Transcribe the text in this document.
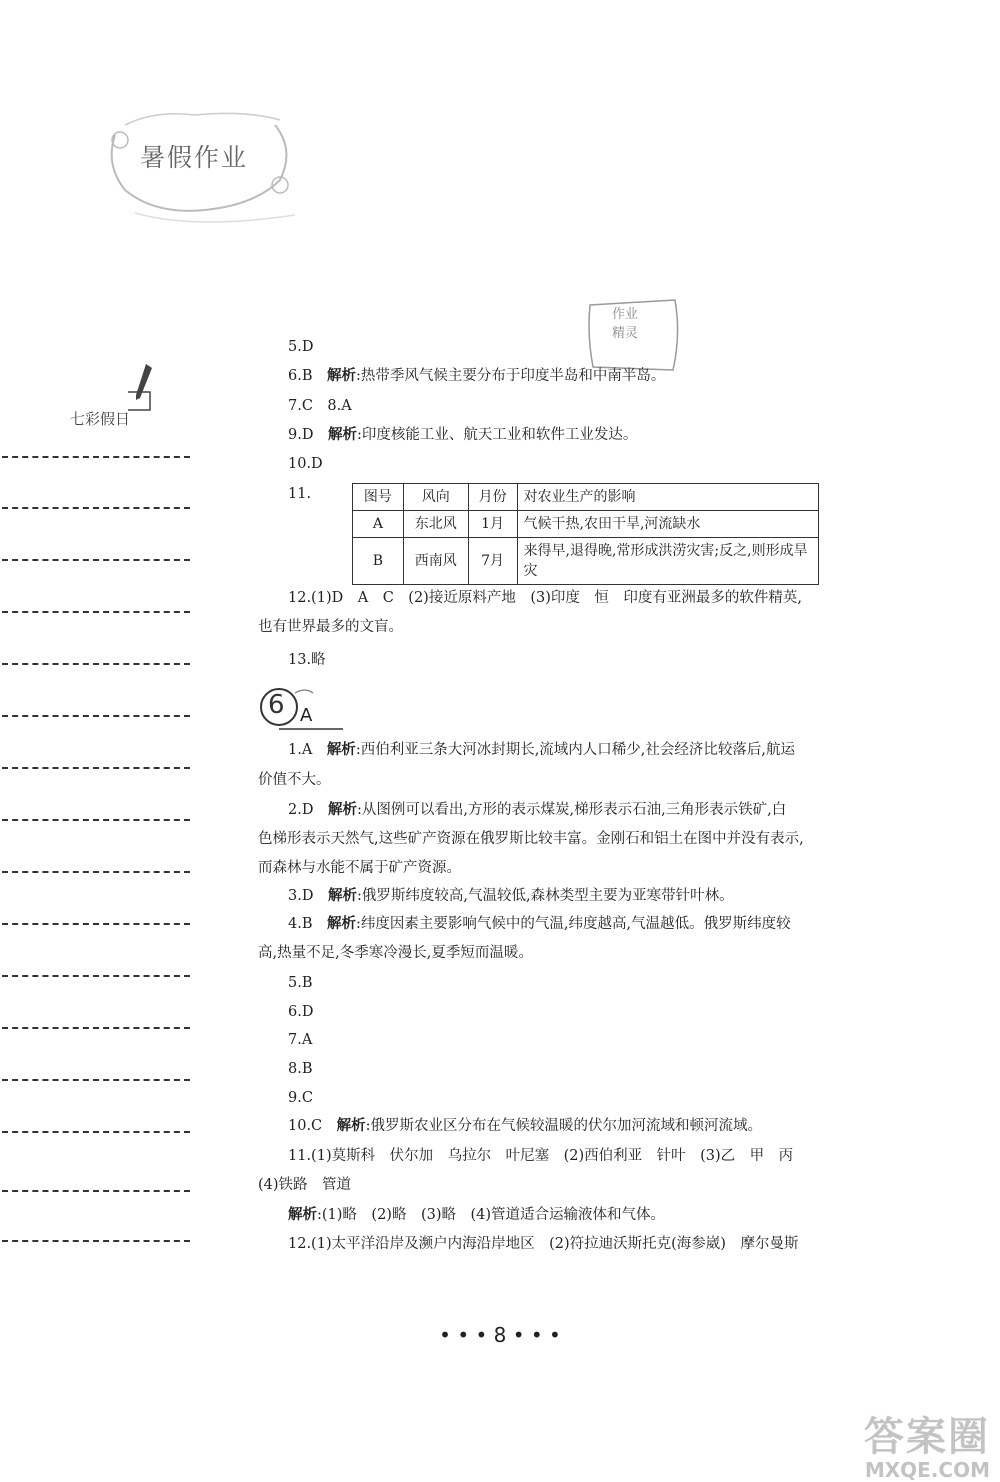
暑假作业
作业
精灵
七彩假日
5.D
6.B　 解析:热带季风气候主要分布于印度半岛和中南半岛。
7.C　8.A
9.D　 解析:印度核能工业、航天工业和软件工业发达。
10.D
11.	图号	风向	月份	对农业生产的影响
A	东北风	1月	气候干热,农田干旱,河流缺水
B	西南风	7月	来得早,退得晚,常形成洪涝灾害;反之,则形成旱灾
12.(1)D　A　C　(2)接近原料产地　(3)印度　恒　印度有亚洲最多的软件精英,
也有世界最多的文盲。
13.略
6 A
1.A　 解析:西伯利亚三条大河冰封期长,流域内人口稀少,社会经济比较落后,航运
价值不大。
2.D　 解析:从图例可以看出,方形的表示煤炭,梯形表示石油,三角形表示铁矿,白
色梯形表示天然气,这些矿产资源在俄罗斯比较丰富。金刚石和铝土在图中并没有表示,
而森林与水能不属于矿产资源。
3.D　 解析:俄罗斯纬度较高,气温较低,森林类型主要为亚寒带针叶林。
4.B　 解析:纬度因素主要影响气候中的气温,纬度越高,气温越低。俄罗斯纬度较
高,热量不足,冬季寒冷漫长,夏季短而温暖。
5.B
6.D
7.A
8.B
9.C
10.C　 解析:俄罗斯农业区分布在气候较温暖的伏尔加河流域和顿河流域。
11.(1)莫斯科　伏尔加　乌拉尔　叶尼塞　(2)西伯利亚　针叶　(3)乙　甲　丙
(4)铁路　管道
解析:(1)略　(2)略　(3)略　(4)管道适合运输液体和气体。
12.(1)太平洋沿岸及濒户内海沿岸地区　(2)符拉迪沃斯托克(海参崴)　摩尔曼斯
• • • 8 • • •
答案圈
MXQE.COM
